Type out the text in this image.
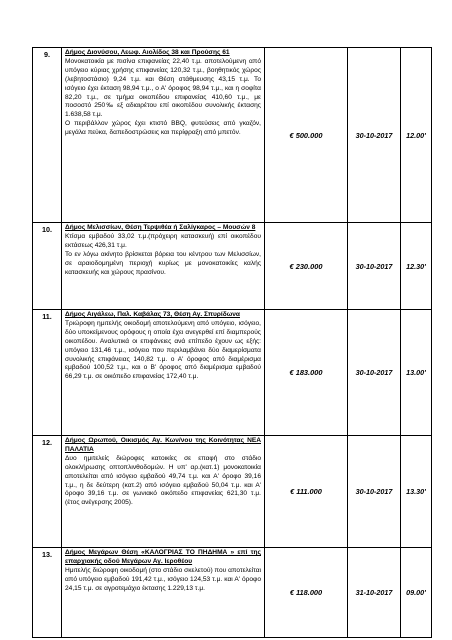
9.	Δήμος Διονύσου, Λεωφ. Αιολίδος 38 και Προύσης 61

Μονοκατοικία με πισίνα επιφανείας 22,40 τ.μ. αποτελούμενη από υπόγειο κύριας χρήσης επιφανείας 120,32 τ.μ., βοηθητικός χώρος (λεβητοστάσιο) 9,24 τ.μ. και Θέση στάθμευσης 43,15 τ.μ. Το ισόγειο έχει έκταση 98,94 τ.μ., ο Α' όροφος 98,94 τ.μ., και η σοφίτα 82,20 τ.μ., σε τμήμα οικοπέδου επιφανείας 410,60 τ.μ., με ποσοστό 250‰ εξ αδιαιρέτου επί οικοπέδου συνολικής έκτασης 1.638,58 τ.μ.

Ο περιβάλλον χώρος έχει κτιστό BBQ, φυτεύσεις από γκαζόν, μεγάλα πεύκα, δαπεδοστρώσεις και περίφραξη από μπετόν.	€ 500.000	30-10-2017	12.00'
10.	Δήμος Μελισσίων, Θέση Τερψιθέα ή Σαλίγκαρος – Μουσών 8

Κτίσμα εμβαδού 33,02 τ.μ.(πρόχειρη κατασκευή) επί οικοπέδου εκτάσεως 426,31 τ.μ.

Το εν λόγω ακίνητο βρίσκεται βόρεια του κέντρου των Μελισσίων, σε αραιοδομημένη περιοχή κυρίως με μονοκατοικίες καλής κατασκευής και χώρους πρασίνου.	€ 230.000	30-10-2017	12.30'
11.	Δήμος Αιγάλεω, Παλ. Καβάλας 73, Θέση Αγ. Σπυρίδωνα

Τριώροφη ημιτελής οικοδομή αποτελούμενη από υπόγειο, ισόγειο, δύο υποκείμενους ορόφους η οποία έχει ανεγερθεί επί διαμπερούς οικοπέδου. Αναλυτικά οι επιφάνειες ανά επίπεδο έχουν ως εξής: υπόγειο 131,46 τ.μ., ισόγειο που περιλαμβάνει δύο διαμερίσματα συνολικής επιφάνειας 140,82 τ.μ. ο Α' όροφος από διαμέρισμα εμβαδού 100,52 τ.μ., και ο Β' όροφος από διαμέρισμα εμβαδού 66,29 τ.μ. σε οικόπεδο επιφανείας 172,40 τ.μ.	€ 183.000	30-10-2017	13.00'
12.	Δήμος Ωρωπού, Οικισμός Αγ. Κων/νου της Κοινότητας ΝΕΑ ΠΑΛΑΤΙΑ

Δυο ημιτελείς διώροφες κατοικίες σε επαφή στο στάδιο ολοκλήρωσης οπτοπλινθοδομών. Η υπ' αρ.(κατ.1) μονοκατοικία αποτελείται από ισόγειο εμβαδού 49,74 τ.μ. και Α' όροφο 39,16 τ.μ., η δε δεύτερη (κατ.2) από ισόγειο εμβαδού 50,04 τ.μ. και Α' όροφο 39,16 τ.μ. σε γωνιακό οικόπεδο επιφανείας 621,30 τ.μ. (έτος ανέγερσης 2005).	€ 111.000	30-10-2017	13.30'
13.	Δήμος Μεγάρων Θέση «ΚΑΛΟΓΡΙΑΣ ΤΟ ΠΗΔΗΜΑ » επί της επαρχιακής οδού Μεγάρων Αγ. Ιεροθέου

Ημιτελής διώροφη οικοδομή (στο στάδιο σκελετού) που αποτελείται από υπόγειο εμβαδού 191,42 τ.μ., ισόγειο 124,53 τ.μ. και Α' όροφο 24,15 τ.μ. σε αγροτεμάχιο έκτασης 1.229,13 τ.μ.	€ 118.000	31-10-2017	09.00'
